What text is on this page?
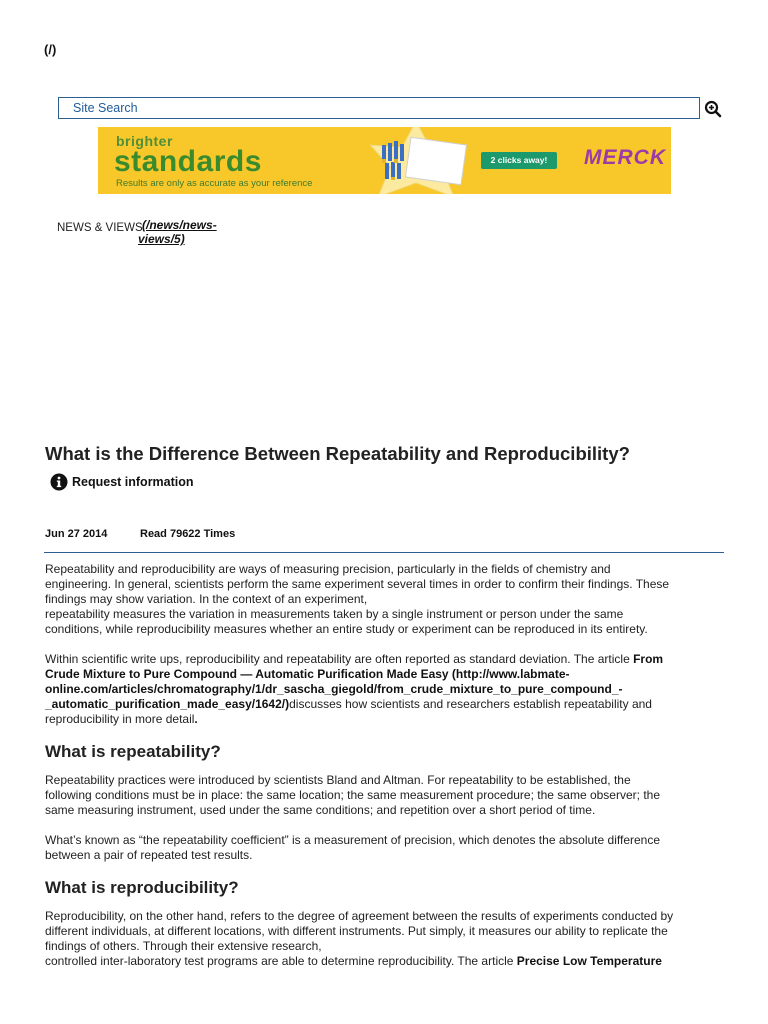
(/)
Site Search
brighter
standards
Results are only as accurate as your reference
2 clicks away!	MERCK
NEWS & VIEWS (/news/news-
views/5)
What is the Difference Between Repeatability and Reproducibility?
Request information
Jun 27 2014	Read 79622 Times

Repeatability and reproducibility are ways of measuring precision, particularly in the fields of chemistry and
engineering. In general, scientists perform the same experiment several times in order to confirm their findings. These
findings may show variation. In the context of an experiment,
repeatability measures the variation in measurements taken by a single instrument or person under the same
conditions, while reproducibility measures whether an entire study or experiment can be reproduced in its entirety.

Within scientific write ups, reproducibility and repeatability are often reported as standard deviation. The article From
Crude Mixture to Pure Compound — Automatic Purification Made Easy (http://www.labmate-
online.com/articles/chromatography/1/dr_sascha_giegold/from_crude_mixture_to_pure_compound_-
_automatic_purification_made_easy/1642/)discusses how scientists and researchers establish repeatability and
reproducibility in more detail.

What is repeatability?

Repeatability practices were introduced by scientists Bland and Altman. For repeatability to be established, the
following conditions must be in place: the same location; the same measurement procedure; the same observer; the
same measuring instrument, used under the same conditions; and repetition over a short period of time.

What’s known as “the repeatability coefficient” is a measurement of precision, which denotes the absolute difference
between a pair of repeated test results.

What is reproducibility?

Reproducibility, on the other hand, refers to the degree of agreement between the results of experiments conducted by
different individuals, at different locations, with different instruments. Put simply, it measures our ability to replicate the
findings of others. Through their extensive research,
controlled inter-laboratory test programs are able to determine reproducibility. The article Precise Low Temperature
